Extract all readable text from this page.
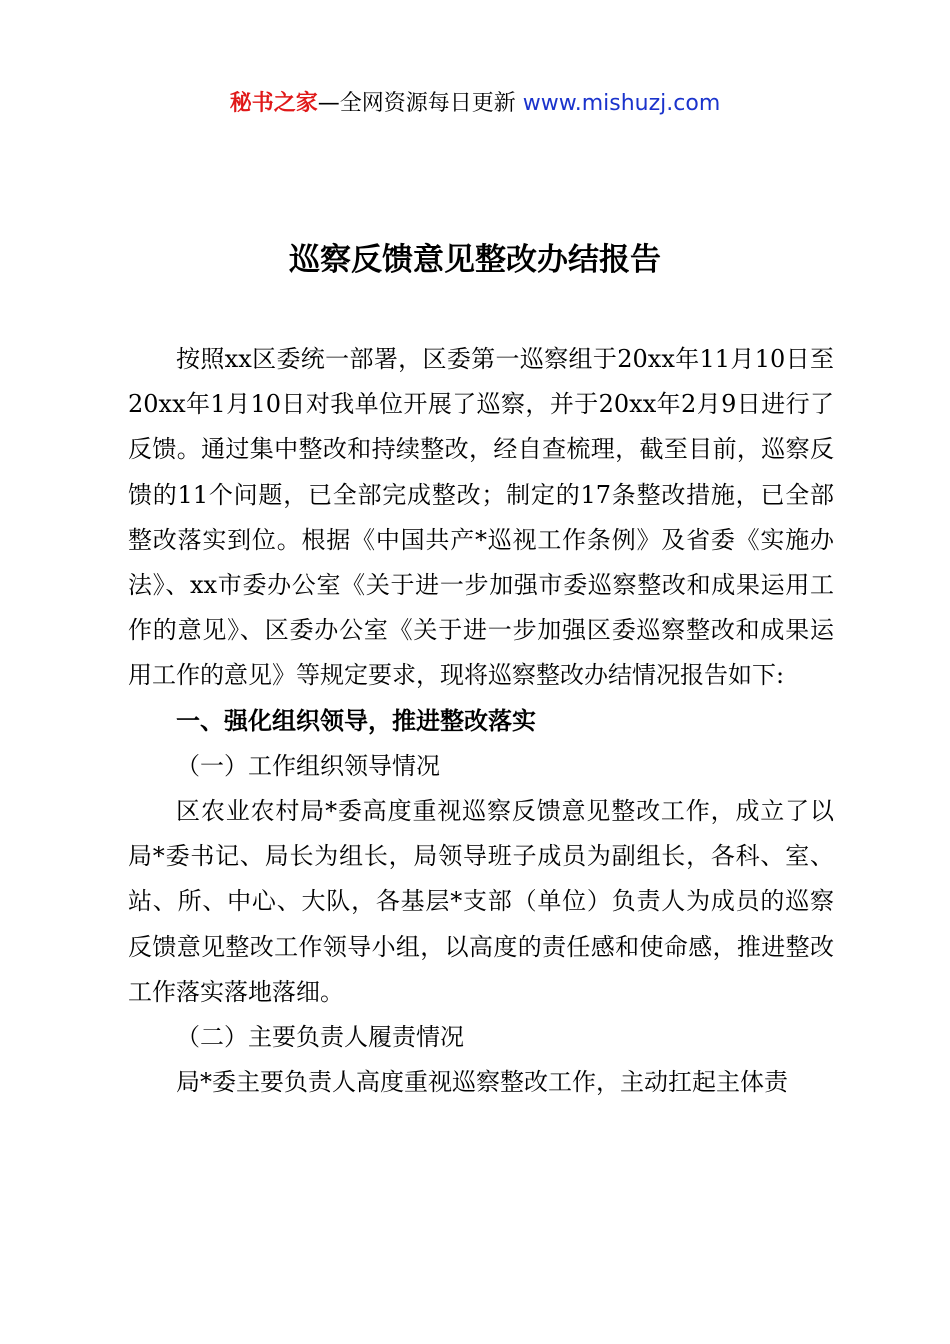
秘书之家—全网资源每日更新 www.mishuzj.com
巡察反馈意见整改办结报告

按照xx区委统一部署，区委第一巡察组于20xx年11月10日至20xx年1月10日对我单位开展了巡察，并于20xx年2月9日进行了反馈。通过集中整改和持续整改，经自查梳理，截至目前，巡察反馈的11个问题，已全部完成整改；制定的17条整改措施，已全部整改落实到位。根据《中国共产*巡视工作条例》及省委《实施办法》、xx市委办公室《关于进一步加强市委巡察整改和成果运用工作的意见》、区委办公室《关于进一步加强区委巡察整改和成果运用工作的意见》等规定要求，现将巡察整改办结情况报告如下:

一、强化组织领导，推进整改落实

（一）工作组织领导情况

区农业农村局*委高度重视巡察反馈意见整改工作，成立了以局*委书记、局长为组长，局领导班子成员为副组长，各科、室、站、所、中心、大队，各基层*支部（单位）负责人为成员的巡察反馈意见整改工作领导小组，以高度的责任感和使命感，推进整改工作落实落地落细。

（二）主要负责人履责情况

局*委主要负责人高度重视巡察整改工作，主动扛起主体责
